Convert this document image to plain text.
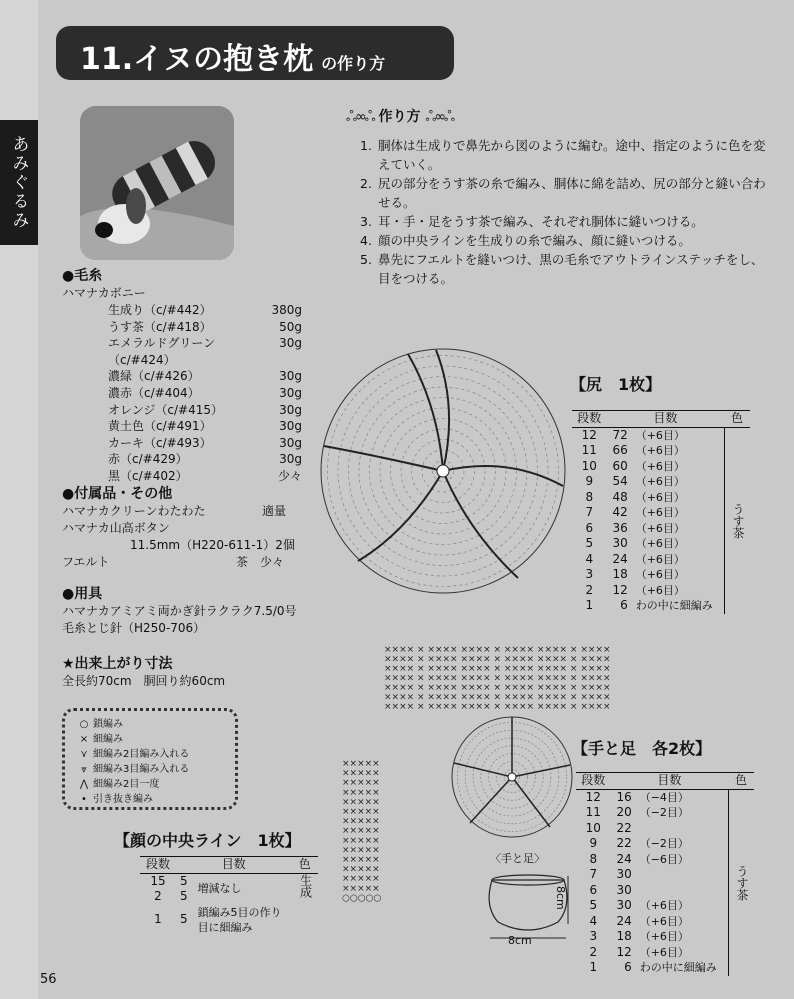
あみぐるみ
11.イヌの抱き枕 の作り方
●毛糸
ハマナカボニー
生成り（c/#442）	380g
うす茶（c/#418）	50g
エメラルドグリーン（c/#424）
30g
濃緑（c/#426）	30g
濃赤（c/#404）	30g
オレンジ（c/#415）	30g
黄土色（c/#491）	30g
カーキ（c/#493）	30g
赤（c/#429）	30g
黒（c/#402）	少々
●付属品・その他
ハマナカクリーンわたわた	適量
ハマナカ山高ボタン
11.5mm（H220-611-1）2個
フエルト	茶　少々
●用具
ハマナカアミアミ両かぎ針ラクラク7.5/0号
毛糸とじ針（H250-706）
★出来上がり寸法
全長約70cm　胴回り約60cm
○ 鎖編み
× 細編み
⋎ 細編み2目編み入れる
⩔ 細編み3目編み入れる
⋀ 細編み2目一度
• 引き抜き編み
ஃ∞ஃ 作り方 ஃ∞ஃ
1. 胴体は生成りで鼻先から図のように編む。途中、指定のように色を変えていく。
2. 尻の部分をうす茶の糸で編み、胴体に綿を詰め、尻の部分と縫い合わせる。
3. 耳・手・足をうす茶で編み、それぞれ胴体に縫いつける。
4. 顔の中央ラインを生成りの糸で編み、顔に縫いつける。
5. 鼻先にフエルトを縫いつけ、黒の毛糸でアウトラインステッチをし、目をつける。
【尻　1枚】
段数	目数		色
12	72	（+6目）	うす茶
11	66	（+6目）	
10	60	（+6目）	
9	54	（+6目）	
8	48	（+6目）	
7	42	（+6目）	
6	36	（+6目）	
5	30	（+6目）	
4	24	（+6目）	
3	18	（+6目）	
2	12	（+6目）	
1	6	わの中に細編み	
×××× × ×××× ×××× × ×××× ×××× × ××××
×××× × ×××× ×××× × ×××× ×××× × ××××
×××× × ×××× ×××× × ×××× ×××× × ××××
×××× × ×××× ×××× × ×××× ×××× × ××××
×××× × ×××× ×××× × ×××× ×××× × ××××
×××× × ×××× ×××× × ×××× ×××× × ××××
×××× × ×××× ×××× × ×××× ×××× × ××××
【手と足　各2枚】
段数	目数		色
12	16	（−4目）	うす茶
11	20	（−2目）	
10	22		
9	22	（−2目）	
8	24	（−6目）	
7	30		
6	30		
5	30	（+6目）	
4	24	（+6目）	
3	18	（+6目）	
2	12	（+6目）	
1	6	わの中に細編み	
×××××
×××××
×××××
×××××
×××××
×××××
×××××
×××××
×××××
×××××
×××××
×××××
×××××
×××××
○○○○○
〈手と足〉
8cm
8cm
【顔の中央ライン　1枚】
段数	目数		色
15	5	増減なし	生成
2	5		
1	5	鎖編み5目の作り目に細編み	
56
